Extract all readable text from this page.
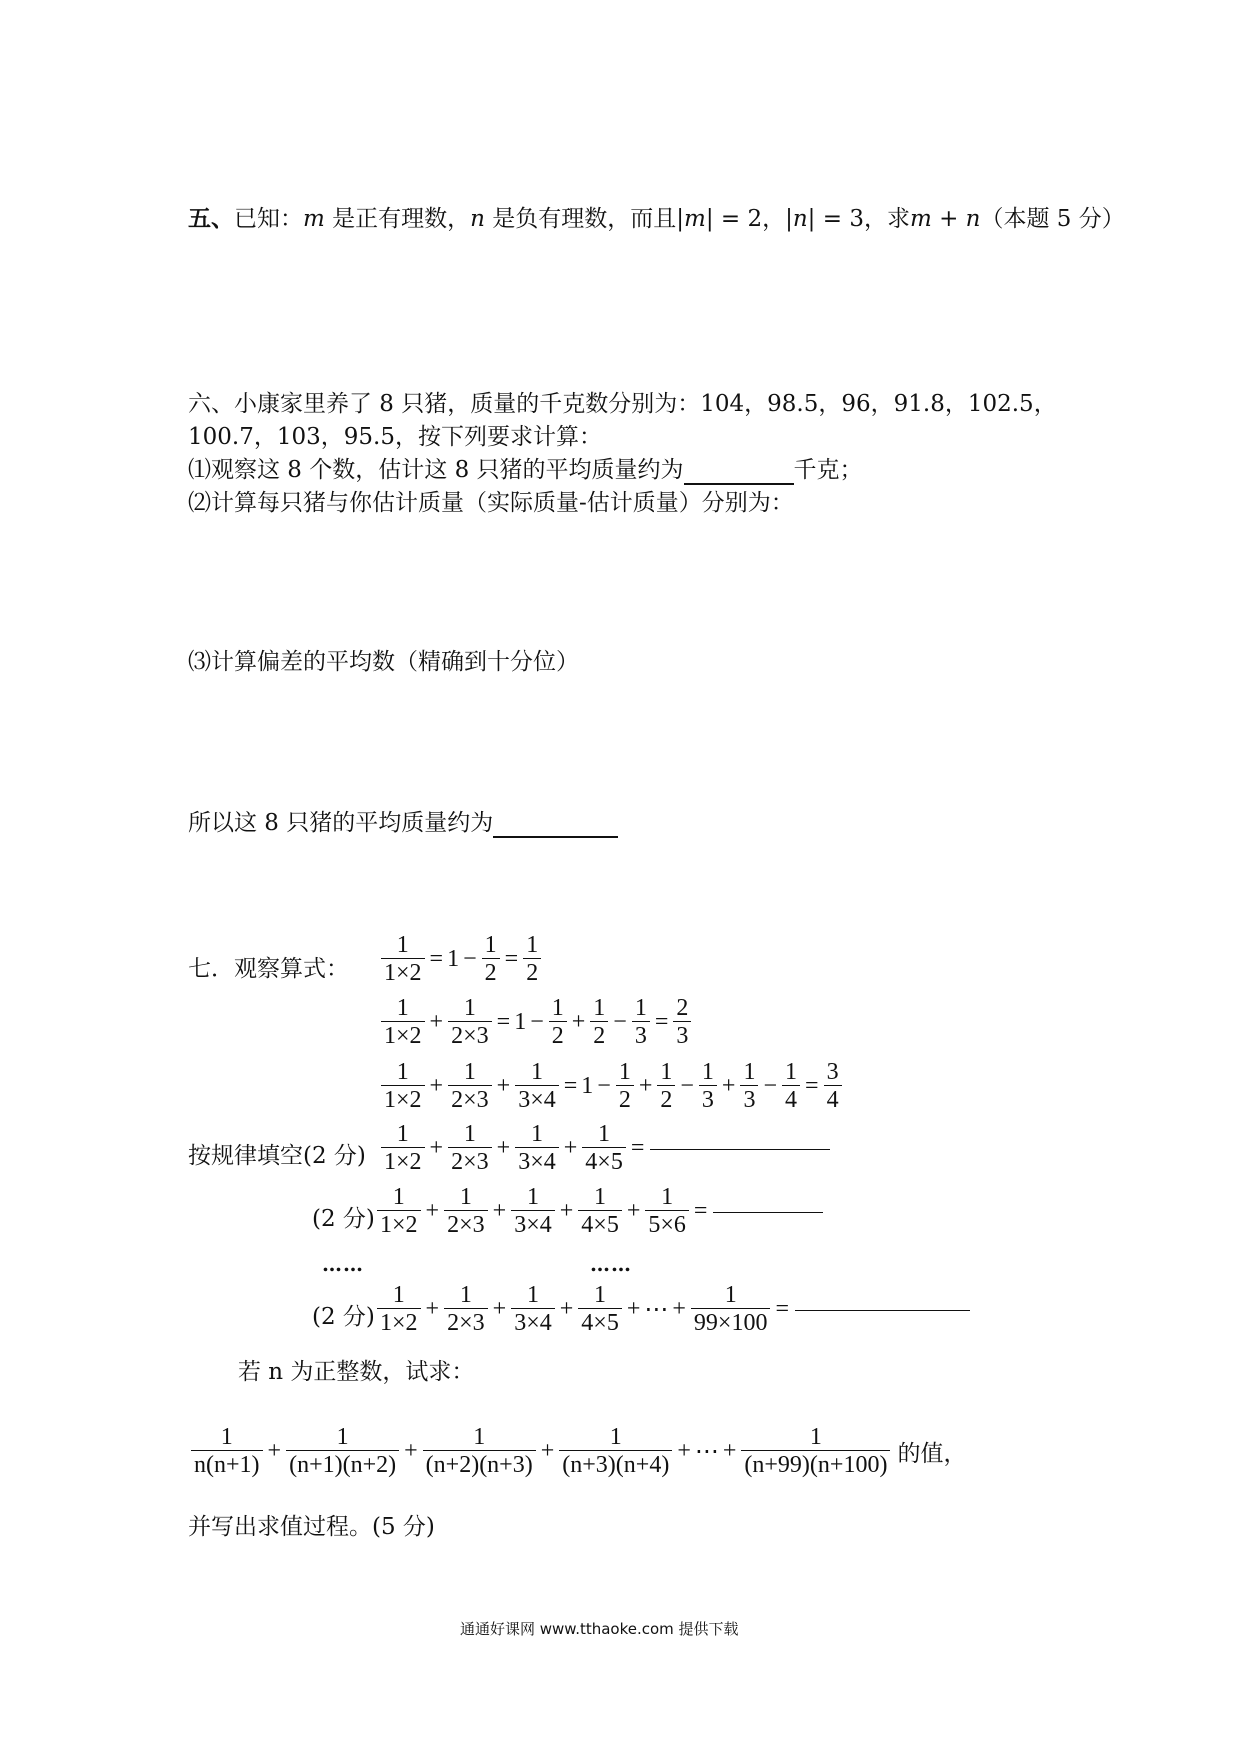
五、已知：m 是正有理数，n 是负有理数，而且|m| = 2，|n| = 3，求m + n（本题 5 分）
六、小康家里养了 8 只猪，质量的千克数分别为：104，98.5，96，91.8，102.5，
100.7，103，95.5，按下列要求计算：
⑴观察这 8 个数，估计这 8 只猪的平均质量约为	千克；
⑵计算每只猪与你估计质量（实际质量-估计质量）分别为：
⑶计算偏差的平均数（精确到十分位）
所以这 8 只猪的平均质量约为
七．观察算式： $\frac{1}{1\times 2} = 1 - \frac{1}{2} = \frac{1}{2}$
$\frac{1}{1\times 2} + \frac{1}{2\times 3} = 1 - \frac{1}{2} + \frac{1}{2} - \frac{1}{3} = \frac{2}{3}$
$\frac{1}{1\times 2} + \frac{1}{2\times 3} + \frac{1}{3\times 4} = 1 - \frac{1}{2} + \frac{1}{2} - \frac{1}{3} + \frac{1}{3} - \frac{1}{4} = \frac{3}{4}$
按规律填空(2 分) $\frac{1}{1\times 2} + \frac{1}{2\times 3} + \frac{1}{3\times 4} + \frac{1}{4\times 5}$ =
(2 分) $\frac{1}{1\times 2} + \frac{1}{2\times 3} + \frac{1}{3\times 4} + \frac{1}{4\times 5} + \frac{1}{5\times 6}$ =
……	……
(2 分) $\frac{1}{1\times 2} + \frac{1}{2\times 3} + \frac{1}{3\times 4} + \frac{1}{4\times 5}$ + ⋯ + $\frac{1}{99\times 100}$ =
若 n 为正整数，试求：
$\frac{1}{n(n+1)} + \frac{1}{(n+1)(n+2)} + \frac{1}{(n+2)(n+3)} + \frac{1}{(n+3)(n+4)}$ + ⋯ + $\frac{1}{(n+99)(n+100)}$ 的值，
并写出求值过程。(5 分)
通通好课网 www.tthaoke.com 提供下载
